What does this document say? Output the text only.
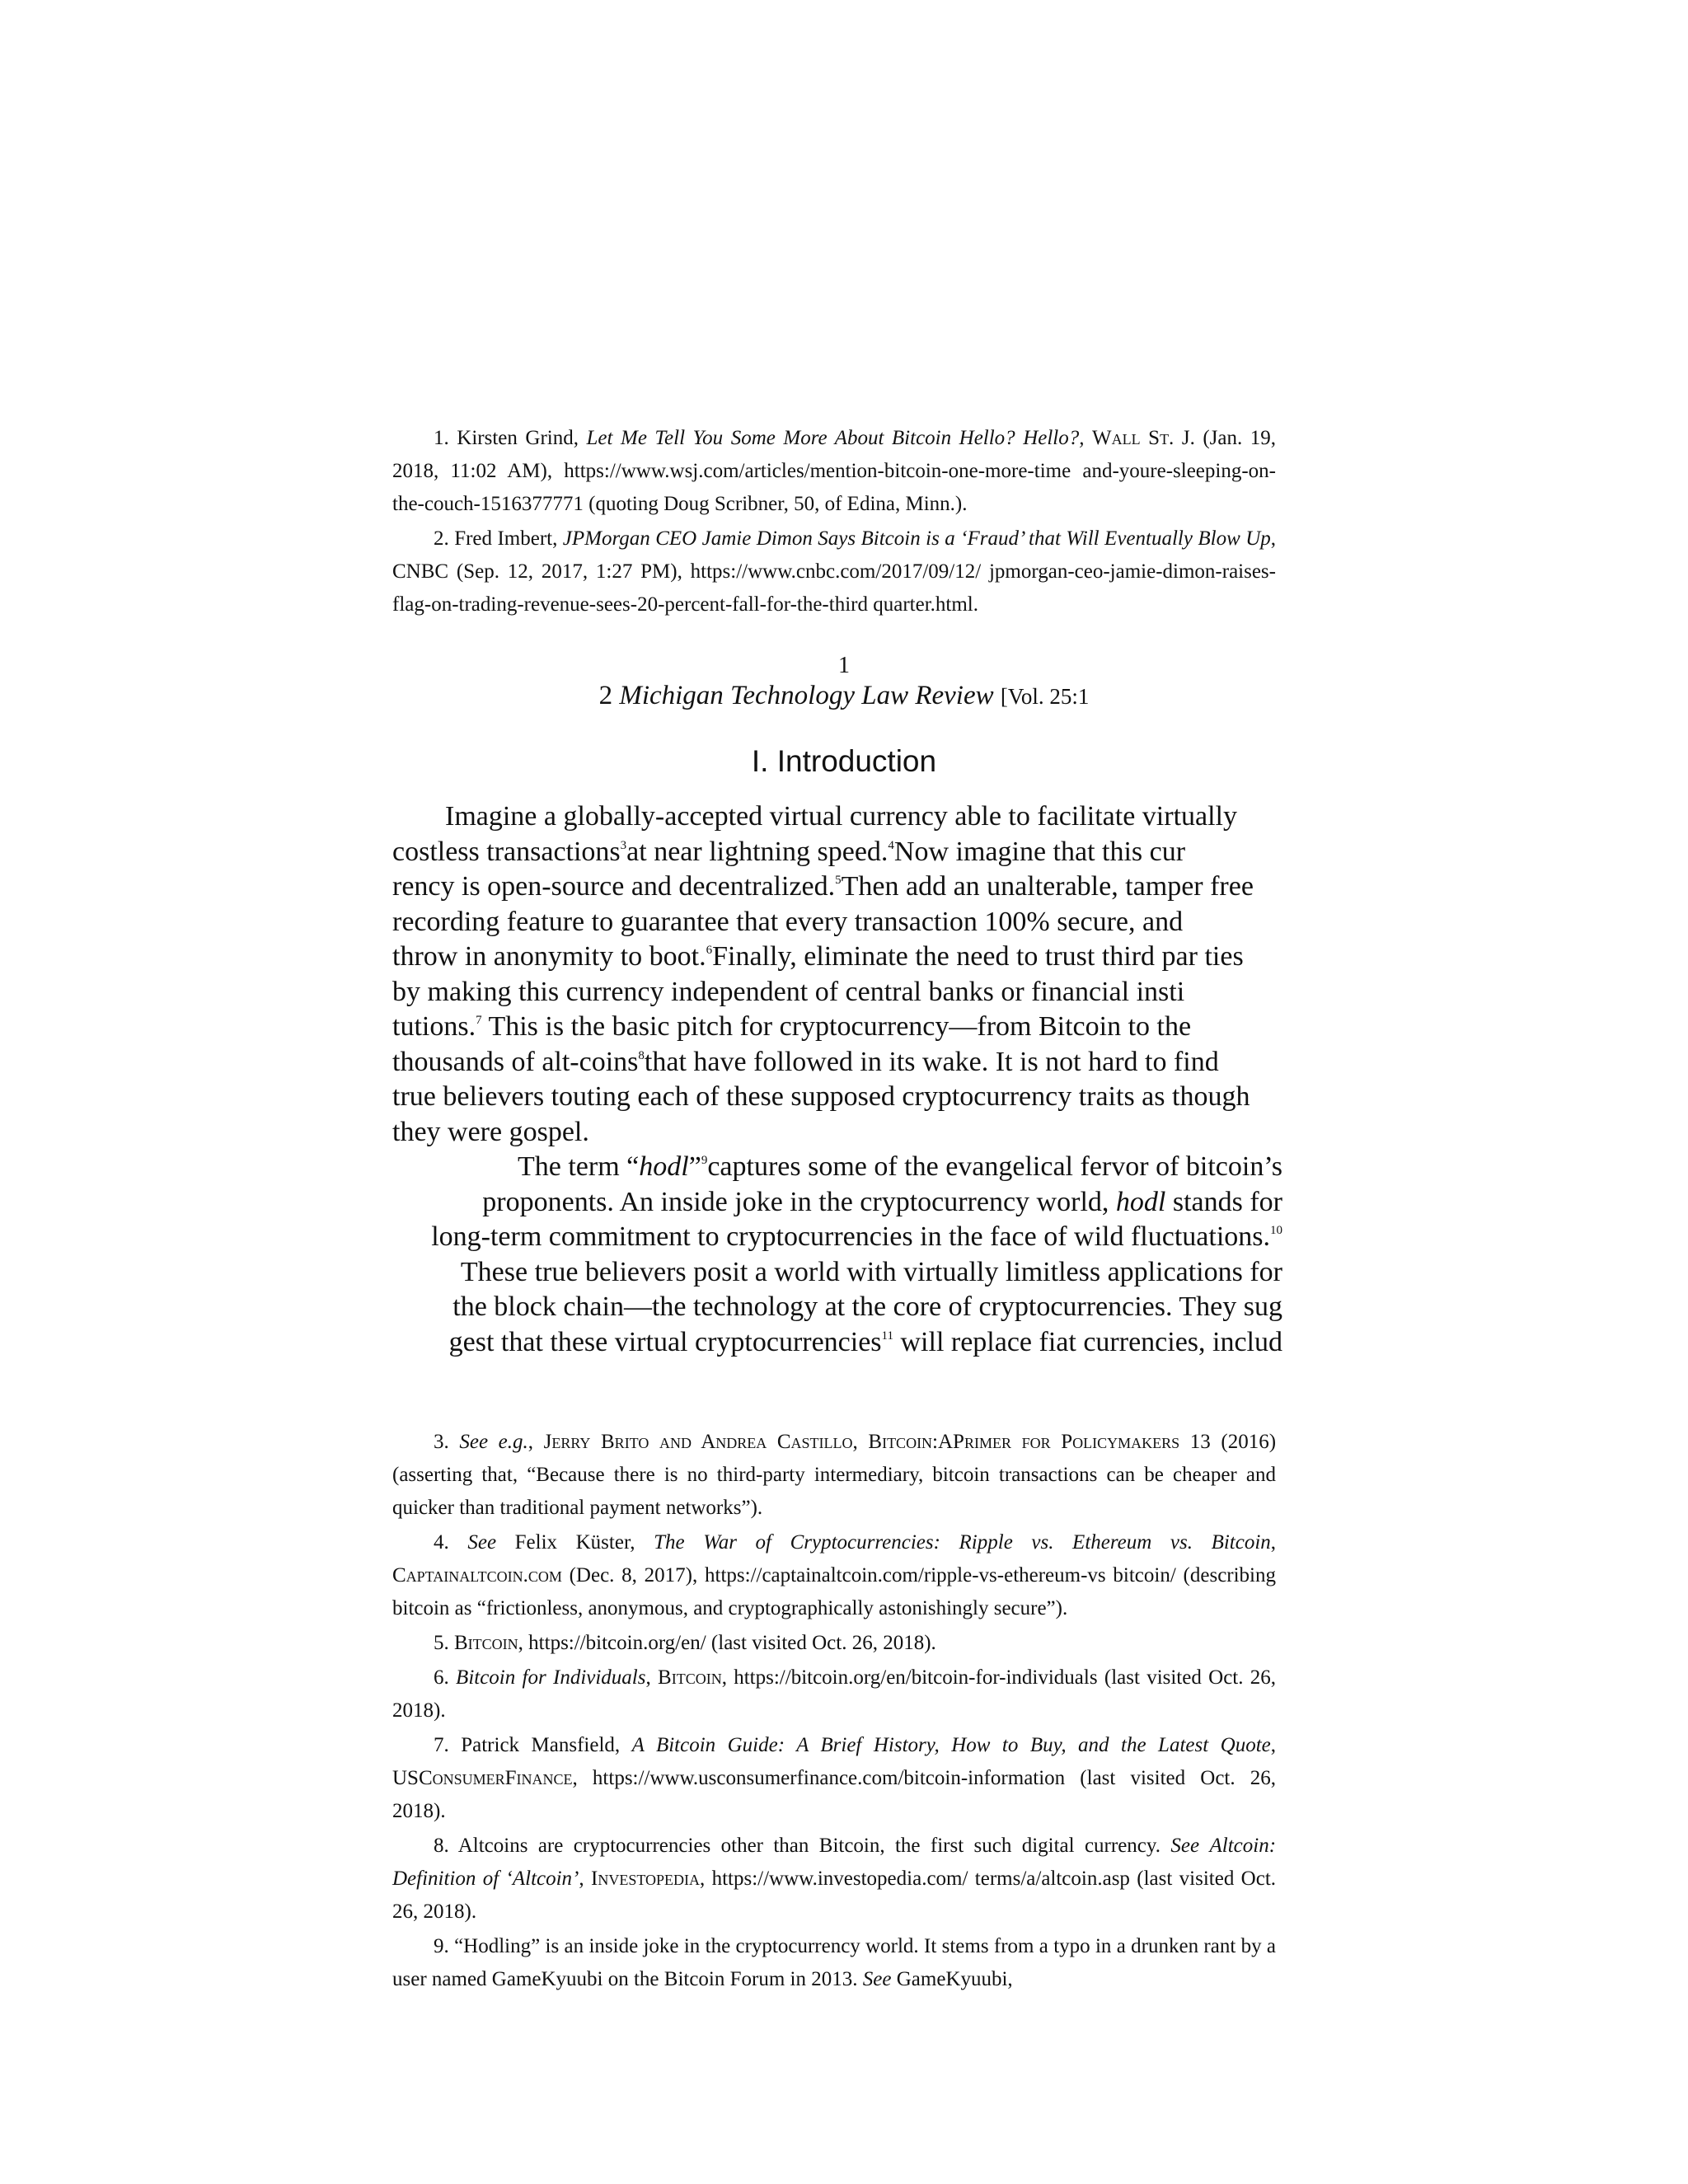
1. Kirsten Grind, Let Me Tell You Some More About Bitcoin Hello? Hello?, Wall St. J. (Jan. 19, 2018, 11:02 AM), https://www.wsj.com/articles/mention-bitcoin-one-more-time and-youre-sleeping-on-the-couch-1516377771 (quoting Doug Scribner, 50, of Edina, Minn.).

2. Fred Imbert, JPMorgan CEO Jamie Dimon Says Bitcoin is a ‘Fraud’ that Will Eventually Blow Up, CNBC (Sep. 12, 2017, 1:27 PM), https://www.cnbc.com/2017/09/12/ jpmorgan-ceo-jamie-dimon-raises-flag-on-trading-revenue-sees-20-percent-fall-for-the-third quarter.html.

1
2 Michigan Technology Law Review [Vol. 25:1
I. Introduction
Imagine a globally-accepted virtual currency able to facilitate virtually
costless transactions$^3$at near lightning speed.$^4$Now imagine that this cur
rency is open-source and decentralized.$^5$Then add an unalterable, tamper free
recording feature to guarantee that every transaction 100% secure, and
throw in anonymity to boot.$^6$Finally, eliminate the need to trust third par ties
by making this currency independent of central banks or financial insti
tutions.$^7$ This is the basic pitch for cryptocurrency—from Bitcoin to the
thousands of alt-coins$^8$that have followed in its wake. It is not hard to find
true believers touting each of these supposed cryptocurrency traits as though
they were gospel.
The term “hodl”$^9$captures some of the evangelical fervor of bitcoin’s
proponents. An inside joke in the cryptocurrency world, hodl stands for
long-term commitment to cryptocurrencies in the face of wild fluctuations.$^{10}$
These true believers posit a world with virtually limitless applications for
the block chain—the technology at the core of cryptocurrencies. They sug
gest that these virtual cryptocurrencies$^{11}$ will replace fiat currencies, includ

3. See e.g., Jerry Brito and Andrea Castillo, Bitcoin:APrimer for Policymakers 13 (2016) (asserting that, “Because there is no third-party intermediary, bitcoin transactions can be cheaper and quicker than traditional payment networks”).

4. See Felix Küster, The War of Cryptocurrencies: Ripple vs. Ethereum vs. Bitcoin, Captainaltcoin.com (Dec. 8, 2017), https://captainaltcoin.com/ripple-vs-ethereum-vs bitcoin/ (describing bitcoin as “frictionless, anonymous, and cryptographically astonishingly secure”).

5. Bitcoin, https://bitcoin.org/en/ (last visited Oct. 26, 2018).

6. Bitcoin for Individuals, Bitcoin, https://bitcoin.org/en/bitcoin-for-individuals (last visited Oct. 26, 2018).

7. Patrick Mansfield, A Bitcoin Guide: A Brief History, How to Buy, and the Latest Quote, USConsumerFinance, https://www.usconsumerfinance.com/bitcoin-information (last visited Oct. 26, 2018).

8. Altcoins are cryptocurrencies other than Bitcoin, the first such digital currency. See Altcoin: Definition of ‘Altcoin’, Investopedia, https://www.investopedia.com/ terms/a/altcoin.asp (last visited Oct. 26, 2018).

9. “Hodling” is an inside joke in the cryptocurrency world. It stems from a typo in a drunken rant by a user named GameKyuubi on the Bitcoin Forum in 2013. See GameKyuubi,
